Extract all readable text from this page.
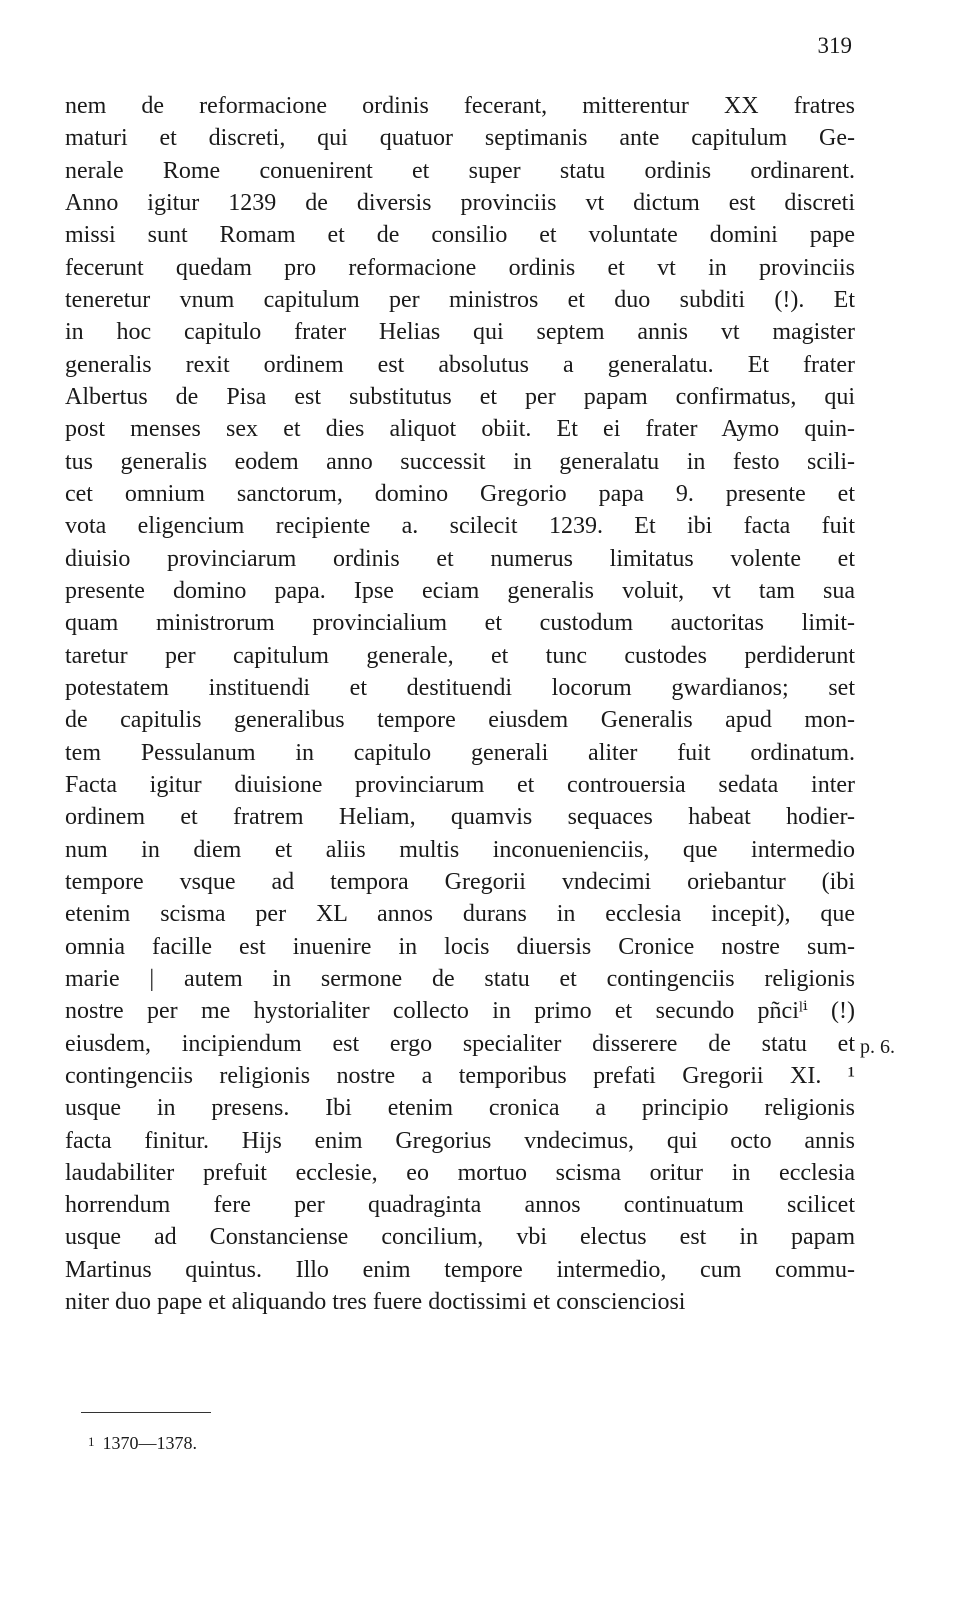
319
nem de reformacione ordinis fecerant, mitterentur XX fratres
maturi et discreti, qui quatuor septimanis ante capitulum Ge-
nerale Rome conuenirent et super statu ordinis ordinarent.
Anno igitur 1239 de diversis provinciis vt dictum est discreti
missi sunt Romam et de consilio et voluntate domini pape
fecerunt quedam pro reformacione ordinis et vt in provinciis
teneretur vnum capitulum per ministros et duo subditi (!). Et
in hoc capitulo frater Helias qui septem annis vt magister
generalis rexit ordinem est absolutus a generalatu. Et frater
Albertus de Pisa est substitutus et per papam confirmatus, qui
post menses sex et dies aliquot obiit. Et ei frater Aymo quin-
tus generalis eodem anno successit in generalatu in festo scili-
cet omnium sanctorum, domino Gregorio papa 9. presente et
vota eligencium recipiente a. scilecit 1239. Et ibi facta fuit
diuisio provinciarum ordinis et numerus limitatus volente et
presente domino papa. Ipse eciam generalis voluit, vt tam sua
quam ministrorum provincialium et custodum auctoritas limit-
taretur per capitulum generale, et tunc custodes perdiderunt
potestatem instituendi et destituendi locorum gwardianos; set
de capitulis generalibus tempore eiusdem Generalis apud mon-
tem Pessulanum in capitulo generali aliter fuit ordinatum.
Facta igitur diuisione provinciarum et controuersia sedata inter
ordinem et fratrem Heliam, quamvis sequaces habeat hodier-
num in diem et aliis multis inconuenienciis, que intermedio
tempore vsque ad tempora Gregorii vndecimi oriebantur (ibi
etenim scisma per XL annos durans in ecclesia incepit), que
omnia facille est inuenire in locis diuersis Cronice nostre sum-
marie | autem in sermone de statu et contingenciis religionis
nostre per me hystorialiter collecto in primo et secundo pñciˡⁱ (!)
eiusdem, incipiendum est ergo specialiter disserere de statu et
contingenciis religionis nostre a temporibus prefati Gregorii XI. ¹
usque in presens. Ibi etenim cronica a principio religionis
facta finitur. Hijs enim Gregorius vndecimus, qui octo annis
laudabiliter prefuit ecclesie, eo mortuo scisma oritur in ecclesia
horrendum fere per quadraginta annos continuatum scilicet
usque ad Constanciense concilium, vbi electus est in papam
Martinus quintus. Illo enim tempore intermedio, cum commu-
niter duo pape et aliquando tres fuere doctissimi et conscienciosi
p. 6.
1 1370—1378.
